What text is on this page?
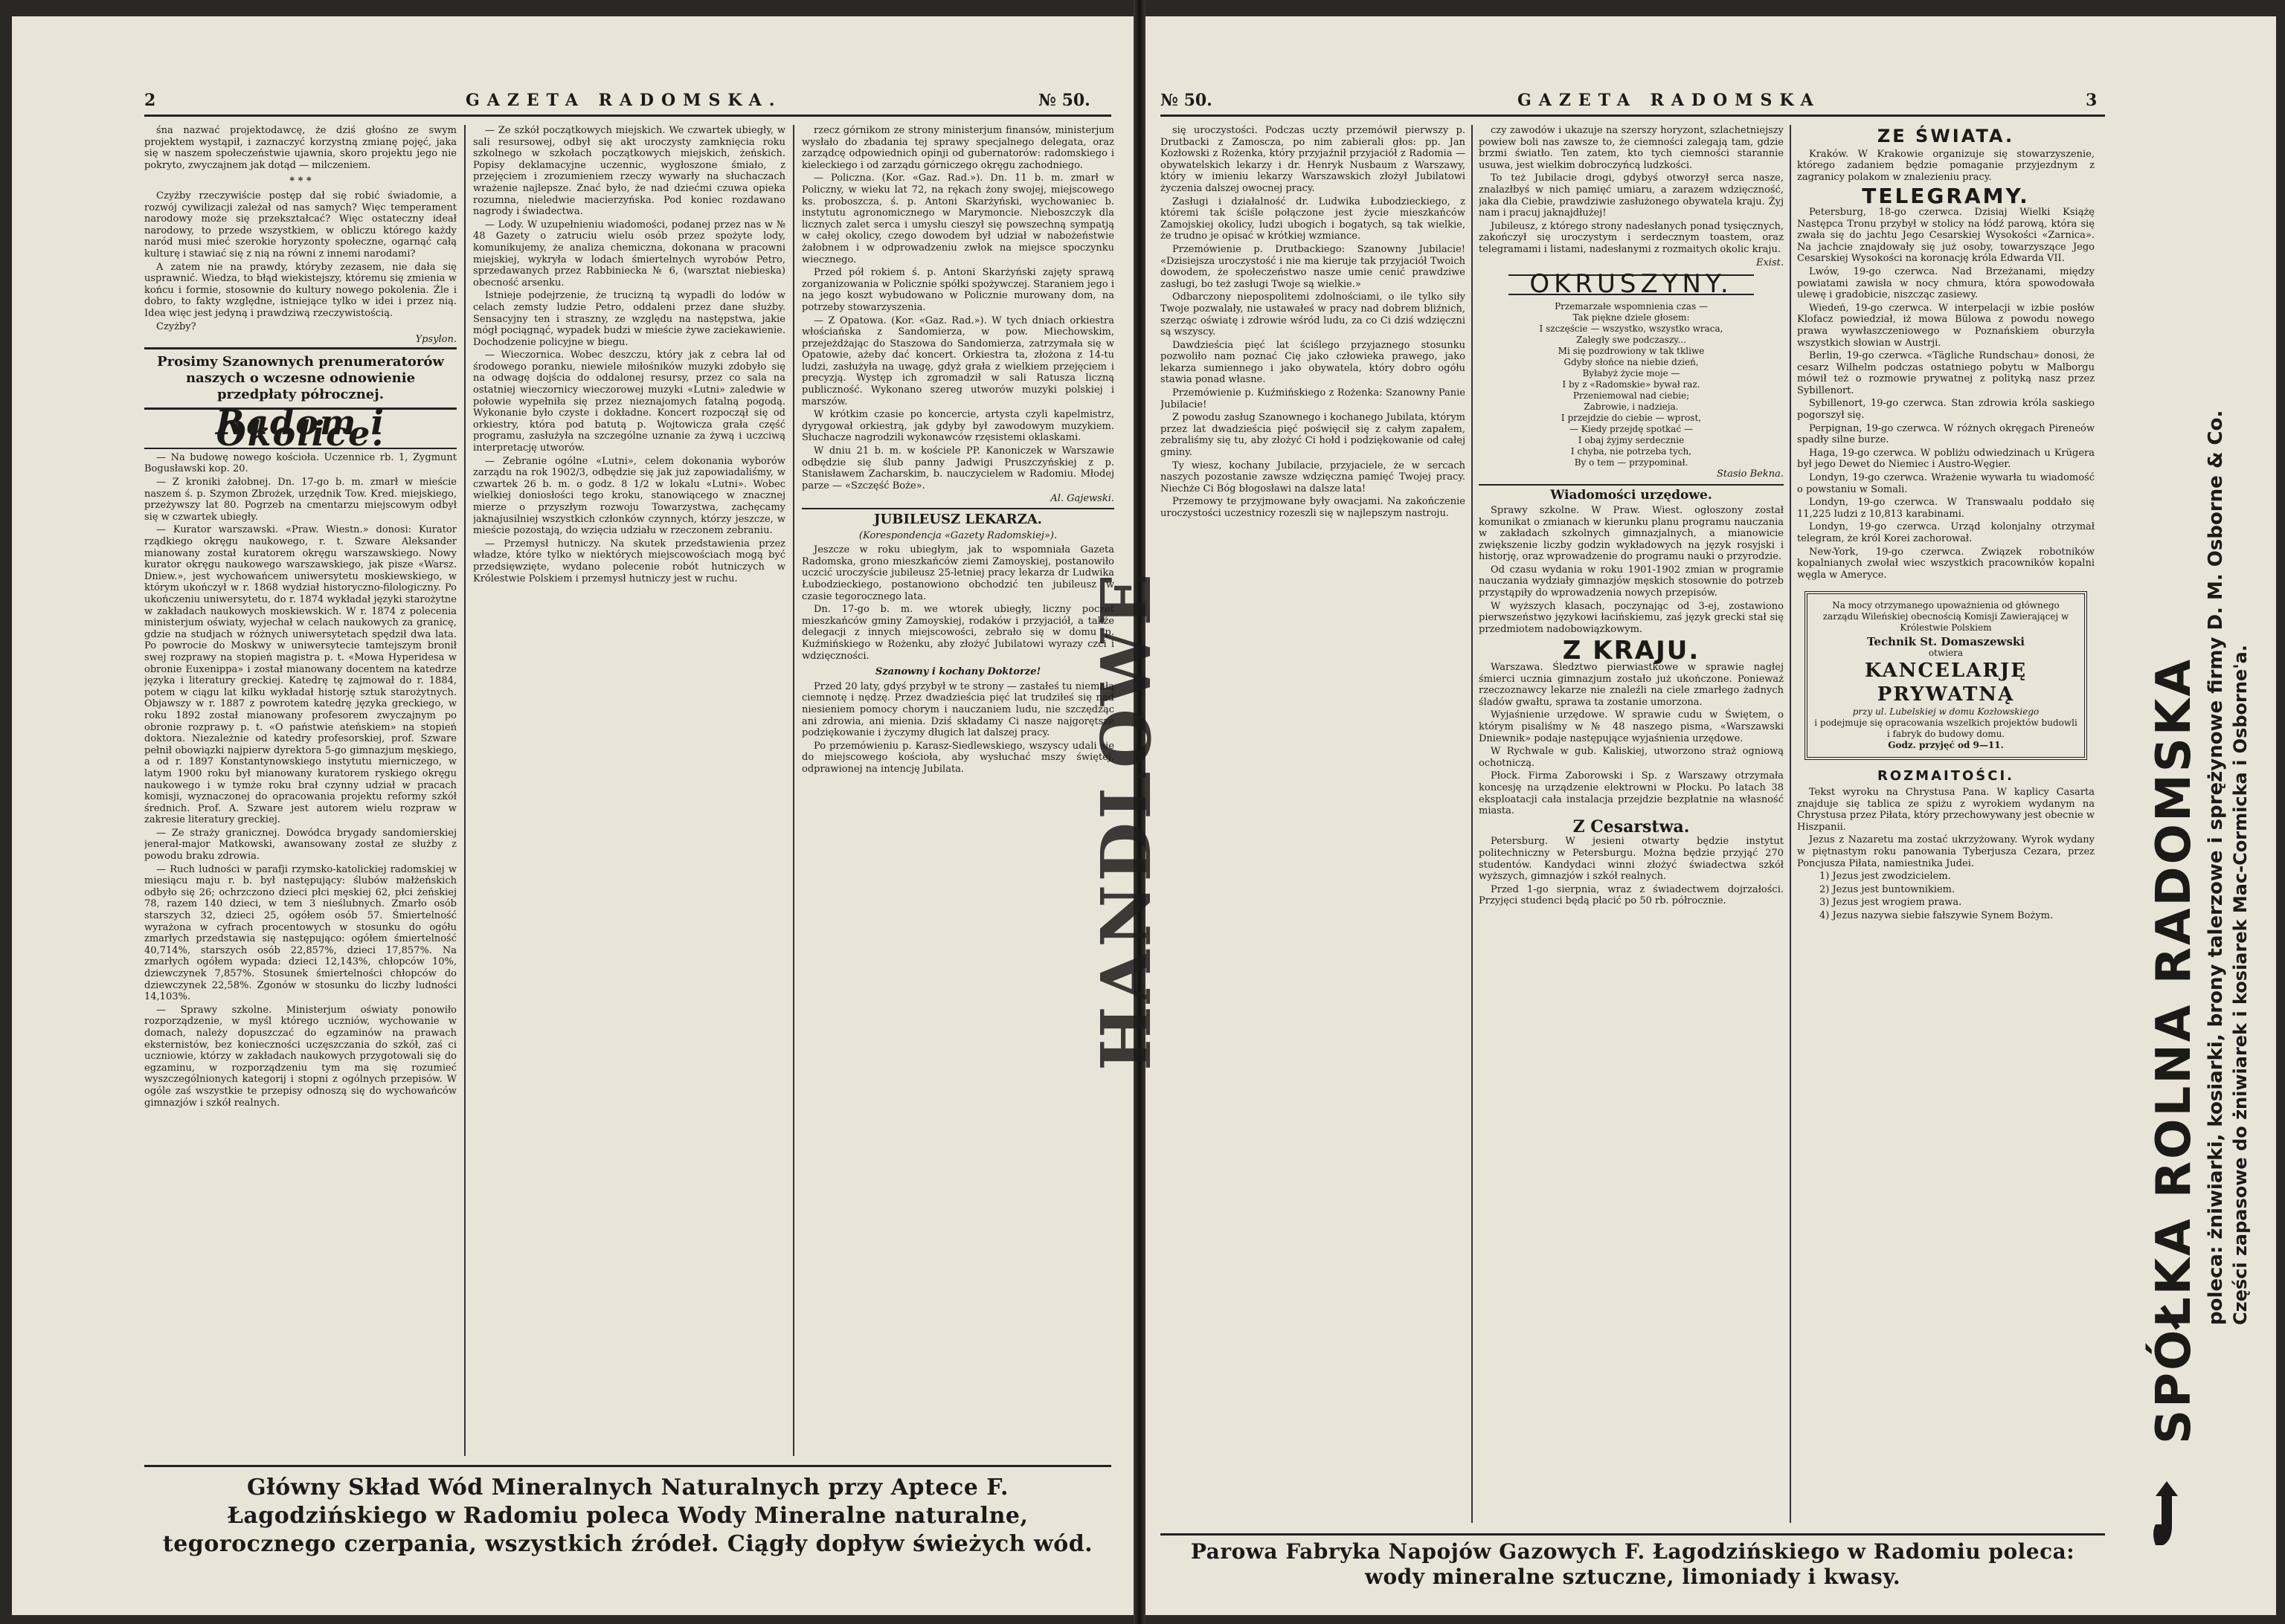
2	GAZETA RADOMSKA.	№ 50.

śna nazwać projektodawcę, że dziś głośno ze swym projektem wystąpił, i zaznaczyć korzystną zmianę pojęć, jaka się w naszem społeczeństwie ujawnia, skoro projektu jego nie pokryto, zwyczajnem jak dotąd — milczeniem.

* * *

Czyżby rzeczywiście postęp dał się robić świadomie, a rozwój cywilizacji zależał od nas samych? Więc temperament narodowy może się przekształcać? Więc ostateczny ideał narodowy, to przede wszystkiem, w obliczu którego każdy naród musi mieć szerokie horyzonty społeczne, ogarnąć całą kulturę i stawiać się z nią na równi z innemi narodami?

A zatem nie na prawdy, któryby zezasem, nie dała się usprawnić. Wiedza, to błąd wiekistejszy, któremu się zmienia w końcu i formie, stosownie do kultury nowego pokolenia. Źle i dobro, to fakty względne, istniejące tylko w idei i przez nią. Idea więc jest jedyną i prawdziwą rzeczywistością.

Czyżby?

Ypsylon.

Prosimy Szanownych prenumeratorów naszych o wczesne odnowienie przedpłaty półrocznej.
Radom i Okolice.

— Na budowę nowego kościoła. Uczennice rb. 1, Zygmunt Bogusławski kop. 20.

— Z kroniki żałobnej. Dn. 17-go b. m. zmarł w mieście naszem ś. p. Szymon Zbrożek, urzędnik Tow. Kred. miejskiego, przeżywszy lat 80. Pogrzeb na cmentarzu miejscowym odbył się w czwartek ubiegły.

— Kurator warszawski. «Praw. Wiestn.» donosi: Kurator rządkiego okręgu naukowego, r. t. Szware Aleksander mianowany został kuratorem okręgu warszawskiego. Nowy kurator okręgu naukowego warszawskiego, jak pisze «Warsz. Dniew.», jest wychowańcem uniwersytetu moskiewskiego, w którym ukończył w r. 1868 wydział historyczno-filologiczny. Po ukończeniu uniwersytetu, do r. 1874 wykładał języki starożytne w zakładach naukowych moskiewskich. W r. 1874 z polecenia ministerjum oświaty, wyjechał w celach naukowych za granicę, gdzie na studjach w różnych uniwersytetach spędził dwa lata. Po powrocie do Moskwy w uniwersytecie tamtejszym bronił swej rozprawy na stopień magistra p. t. «Mowa Hyperidesa w obronie Euxenippa» i został mianowany docentem na katedrze języka i literatury greckiej. Katedrę tę zajmował do r. 1884, potem w ciągu lat kilku wykładał historję sztuk starożytnych. Objawszy w r. 1887 z powrotem katedrę języka greckiego, w roku 1892 został mianowany profesorem zwyczajnym po obronie rozprawy p. t. «O państwie ateńskiem» na stopień doktora. Niezależnie od katedry profesorskiej, prof. Szware pełnił obowiązki najpierw dyrektora 5-go gimnazjum męskiego, a od r. 1897 Konstantynowskiego instytutu mierniczego, w latym 1900 roku był mianowany kuratorem ryskiego okręgu naukowego i w tymże roku brał czynny udział w pracach komisji, wyznaczonej do opracowania projektu reformy szkół średnich. Prof. A. Szware jest autorem wielu rozpraw w zakresie literatury greckiej.

— Ze straży granicznej. Dowódca brygady sandomierskiej jenerał-major Matkowski, awansowany został ze służby z powodu braku zdrowia.

— Ruch ludności w parafji rzymsko-katolickiej radomskiej w miesiącu maju r. b. był następujący: ślubów małżeńskich odbyło się 26; ochrzczono dzieci płci męskiej 62, płci żeńskiej 78, razem 140 dzieci, w tem 3 nieślubnych. Zmarło osób starszych 32, dzieci 25, ogółem osób 57. Śmiertelność wyrażona w cyfrach procentowych w stosunku do ogółu zmarłych przedstawia się następująco: ogółem śmiertelność 40,714%, starszych osób 22,857%, dzieci 17,857%. Na zmarłych ogółem wypada: dzieci 12,143%, chłopców 10%, dziewczynek 7,857%. Stosunek śmiertelności chłopców do dziewczynek 22,58%. Zgonów w stosunku do liczby ludności 14,103%.

— Sprawy szkolne. Ministerjum oświaty ponowiło rozporządzenie, w myśl którego uczniów, wychowanie w domach, należy dopuszczać do egzaminów na prawach eksternistów, bez konieczności uczęszczania do szkół, zaś ci uczniowie, którzy w zakładach naukowych przygotowali się do egzaminu, w rozporządzeniu tym ma się rozumieć wyszczególnionych kategorij i stopni z ogólnych przepisów. W ogóle zaś wszystkie te przepisy odnoszą się do wychowańców gimnazjów i szkół realnych.

— Ze szkół początkowych miejskich. We czwartek ubiegły, w sali resursowej, odbył się akt uroczysty zamknięcia roku szkolnego w szkołach początkowych miejskich, żeńskich. Popisy deklamacyjne uczennic, wygłoszone śmiało, z przejęciem i zrozumieniem rzeczy wywarły na słuchaczach wrażenie najlepsze. Znać było, że nad dziećmi czuwa opieka rozumna, nieledwie macierzyńska. Pod koniec rozdawano nagrody i świadectwa.

— Lody. W uzupełnieniu wiadomości, podanej przez nas w № 48 Gazety o zatruciu wielu osób przez spożyte lody, komunikujemy, że analiza chemiczna, dokonana w pracowni miejskiej, wykryła w lodach śmiertelnych wyrobów Petro, sprzedawanych przez Rabbiniecka № 6, (warsztat niebieska) obecność arsenku.

Istnieje podejrzenie, że trucizną tą wypadli do lodów w celach zemsty ludzie Petro, oddaleni przez dane służby. Sensacyjny ten i straszny, ze względu na następstwa, jakie mógł pociągnąć, wypadek budzi w mieście żywe zaciekawienie. Dochodzenie policyjne w biegu.

— Wieczornica. Wobec deszczu, który jak z cebra lał od środowego poranku, niewiele miłośników muzyki zdobyło się na odwagę dojścia do oddalonej resursy, przez co sala na ostatniej wieczornicy wieczorowej muzyki «Lutni» zaledwie w połowie wypełniła się przez nieznajomych fatalną pogodą. Wykonanie było czyste i dokładne. Koncert rozpoczął się od orkiestry, która pod batutą p. Wojtowicza grała część programu, zasłużyła na szczególne uznanie za żywą i uczciwą interpretację utworów.

— Zebranie ogólne «Lutni», celem dokonania wyborów zarządu na rok 1902/3, odbędzie się jak już zapowiadaliśmy, w czwartek 26 b. m. o godz. 8 1/2 w lokalu «Lutni». Wobec wielkiej doniosłości tego kroku, stanowiącego w znacznej mierze o przyszłym rozwoju Towarzystwa, zachęcamy jaknajusilniej wszystkich członków czynnych, którzy jeszcze, w mieście pozostają, do wzięcia udziału w rzeczonem zebraniu.

— Przemysł hutniczy. Na skutek przedstawienia przez władze, które tylko w niektórych miejscowościach mogą być przedsięwzięte, wydano polecenie robót hutniczych w Królestwie Polskiem i przemysł hutniczy jest w ruchu.

rzecz górnikom ze strony ministerjum finansów, ministerjum wysłało do zbadania tej sprawy specjalnego delegata, oraz zarządcę odpowiednich opinji od gubernatorów: radomskiego i kieleckiego i od zarządu górniczego okręgu zachodniego.

— Policzna. (Kor. «Gaz. Rad.»). Dn. 11 b. m. zmarł w Policzny, w wieku lat 72, na rękach żony swojej, miejscowego ks. proboszcza, ś. p. Antoni Skarżyński, wychowaniec b. instytutu agronomicznego w Marymoncie. Nieboszczyk dla licznych zalet serca i umysłu cieszył się powszechną sympatją w całej okolicy, czego dowodem był udział w nabożeństwie żałobnem i w odprowadzeniu zwłok na miejsce spoczynku wiecznego.

Przed pół rokiem ś. p. Antoni Skarżyński zajęty sprawą zorganizowania w Policznie spółki spożywczej. Staraniem jego i na jego koszt wybudowano w Policznie murowany dom, na potrzeby stowarzyszenia.

— Z Opatowa. (Kor. «Gaz. Rad.»). W tych dniach orkiestra włościańska z Sandomierza, w pow. Miechowskim, przejeżdżając do Staszowa do Sandomierza, zatrzymała się w Opatowie, ażeby dać koncert. Orkiestra ta, złożona z 14-tu ludzi, zasłużyła na uwagę, gdyż grała z wielkiem przejęciem i precyzją. Występ ich zgromadził w sali Ratusza liczną publiczność. Wykonano szereg utworów muzyki polskiej i marszów.

W krótkim czasie po koncercie, artysta czyli kapelmistrz, dyrygował orkiestrą, jak gdyby był zawodowym muzykiem. Słuchacze nagrodzili wykonawców rzęsistemi oklaskami.

W dniu 21 b. m. w kościele PP. Kanoniczek w Warszawie odbędzie się ślub panny Jadwigi Pruszczyńskiej z p. Stanisławem Zacharskim, b. nauczycielem w Radomiu. Młodej parze — «Szczęść Boże».

Al. Gajewski.

JUBILEUSZ LEKARZA.

(Korespondencja «Gazety Radomskiej»).

Jeszcze w roku ubiegłym, jak to wspomniała Gazeta Radomska, grono mieszkańców ziemi Zamoyskiej, postanowiło uczcić uroczyście jubileusz 25-letniej pracy lekarza dr Ludwika Łubodzieckiego, postanowiono obchodzić ten jubileusz w czasie tegorocznego lata.

Dn. 17-go b. m. we wtorek ubiegły, liczny poczet mieszkańców gminy Zamoyskiej, rodaków i przyjaciół, a także delegacji z innych miejscowości, zebrało się w domu p. Kuźmińskiego w Rożenku, aby złożyć Jubilatowi wyrazy czci i wdzięczności.

Szanowny i kochany Doktorze!

Przed 20 laty, gdyś przybył w te strony — zastałeś tu niemałą ciemnotę i nędzę. Przez dwadzieścia pięć lat trudziłeś się nad niesieniem pomocy chorym i nauczaniem ludu, nie szczędząc ani zdrowia, ani mienia. Dziś składamy Ci nasze najgorętsze podziękowanie i życzymy długich lat dalszej pracy.

Po przemówieniu p. Karasz-Siedlewskiego, wszyscy udali się do miejscowego kościoła, aby wysłuchać mszy świętej, odprawionej na intencję Jubilata.

Główny Skład Wód Mineralnych Naturalnych przy Aptece F. Łagodzińskiego w Radomiu poleca Wody Mineralne naturalne, tegorocznego czerpania, wszystkich źródeł. Ciągły dopływ świeżych wód.
№ 50.	GAZETA RADOMSKA	3

się uroczystości. Podczas uczty przemówił pierwszy p. Drutbacki z Zamoscza, po nim zabierali głos: pp. Jan Kozłowski z Rożenka, który przyjaźnił przyjaciół z Radomia — obywatelskich lekarzy i dr. Henryk Nusbaum z Warszawy, który w imieniu lekarzy Warszawskich złożył Jubilatowi życzenia dalszej owocnej pracy.

Zasługi i działalność dr. Ludwika Łubodzieckiego, z któremi tak ściśle połączone jest życie mieszkańców Zamojskiej okolicy, ludzi ubogich i bogatych, są tak wielkie, że trudno je opisać w krótkiej wzmiance.

Przemówienie p. Drutbackiego: Szanowny Jubilacie! «Dzisiejsza uroczystość i nie ma kieruje tak przyjaciół Twoich dowodem, że społeczeństwo nasze umie cenić prawdziwe zasługi, bo też zasługi Twoje są wielkie.»

Odbarczony niepospolitemi zdolnościami, o ile tylko siły Twoje pozwalały, nie ustawałeś w pracy nad dobrem bliźnich, szerząc oświatę i zdrowie wśród ludu, za co Ci dziś wdzięczni są wszyscy.

Dawdzieścia pięć lat ściślego przyjaznego stosunku pozwoliło nam poznać Cię jako człowieka prawego, jako lekarza sumiennego i jako obywatela, który dobro ogółu stawia ponad własne.

Przemówienie p. Kuźmińskiego z Rożenka: Szanowny Panie Jubilacie!

Z powodu zasług Szanownego i kochanego Jubilata, którym przez lat dwadzieścia pięć poświęcił się z całym zapałem, zebraliśmy się tu, aby złożyć Ci hołd i podziękowanie od całej gminy.

Ty wiesz, kochany Jubilacie, przyjaciele, że w sercach naszych pozostanie zawsze wdzięczna pamięć Twojej pracy. Niechże Ci Bóg błogosławi na dalsze lata!

Przemowy te przyjmowane były owacjami. Na zakończenie uroczystości uczestnicy rozeszli się w najlepszym nastroju.

czy zawodów i ukazuje na szerszy horyzont, szlachetniejszy powiew boli nas zawsze to, że ciemności zalegają tam, gdzie brzmi światło. Ten zatem, kto tych ciemności starannie usuwa, jest wielkim dobroczyńcą ludzkości.

To też Jubilacie drogi, gdybyś otworzył serca nasze, znalazłbyś w nich pamięć umiaru, a zarazem wdzięczność, jaka dla Ciebie, prawdziwie zasłużonego obywatela kraju. Żyj nam i pracuj jaknajdłużej!

Jubileusz, z którego strony nadesłanych ponad tysięcznych, zakończył się uroczystym i serdecznym toastem, oraz telegramami i listami, nadesłanymi z rozmaitych okolic kraju.

Exist.

OKRUSZYNY.
Przemarzałe wspomnienia czas —
Tak piękne dziele głosem:
I szczęście — wszystko, wszystko wraca,
Zaległy swe podczaszy...
Mi się pozdrowiony w tak tkliwe
Gdyby słońce na niebie dzień,
Byłabyż życie moje —
I by z «Radomskie» bywał raz.
Przeniemowal nad ciebie;
Zabrowie, i nadzieja.
I przejdzie do ciebie — wprost,
— Kiedy przejdę spotkać —
I obaj żyjmy serdecznie
I chyba, nie potrzeba tych,
By o tem — przypominał.

Stasio Bekna.

Wiadomości urzędowe.

Sprawy szkolne. W Praw. Wiest. ogłoszony został komunikat o zmianach w kierunku planu programu nauczania w zakładach szkolnych gimnazjalnych, a mianowicie zwiększenie liczby godzin wykładowych na język rosyjski i historję, oraz wprowadzenie do programu nauki o przyrodzie.

Od czasu wydania w roku 1901-1902 zmian w programie nauczania wydziały gimnazjów męskich stosownie do potrzeb przystąpiły do wprowadzenia nowych przepisów.

W wyższych klasach, poczynając od 3-ej, zostawiono pierwszeństwo językowi łacińskiemu, zaś język grecki stał się przedmiotem nadobowiązkowym.

Z KRAJU.

Warszawa. Śledztwo pierwiastkowe w sprawie nagłej śmierci ucznia gimnazjum zostało już ukończone. Ponieważ rzeczoznawcy lekarze nie znaleźli na ciele zmarłego żadnych śladów gwałtu, sprawa ta zostanie umorzona.

Wyjaśnienie urzędowe. W sprawie cudu w Świętem, o którym pisaliśmy w № 48 naszego pisma, «Warszawski Dniewnik» podaje następujące wyjaśnienia urzędowe.

W Rychwale w gub. Kaliskiej, utworzono straż ogniową ochotniczą.

Płock. Firma Zaborowski i Sp. z Warszawy otrzymała koncesję na urządzenie elektrowni w Płocku. Po latach 38 eksploatacji cała instalacja przejdzie bezpłatnie na własność miasta.

Z Cesarstwa.

Petersburg. W jesieni otwarty będzie instytut politechniczny w Petersburgu. Można będzie przyjąć 270 studentów. Kandydaci winni złożyć świadectwa szkół wyższych, gimnazjów i szkół realnych.

Przed 1-go sierpnia, wraz z świadectwem dojrzałości. Przyjęci studenci będą płacić po 50 rb. półrocznie.

ZE ŚWIATA.

Kraków. W Krakowie organizuje się stowarzyszenie, którego zadaniem będzie pomaganie przyjezdnym z zagranicy polakom w znalezieniu pracy.

TELEGRAMY.

Petersburg, 18-go czerwca. Dzisiaj Wielki Książę Następca Tronu przybył w stolicy na łódź parową, która się zwała się do jachtu Jego Cesarskiej Wysokości «Zarnica». Na jachcie znajdowały się już osoby, towarzyszące Jego Cesarskiej Wysokości na koronację króla Edwarda VII.

Lwów, 19-go czerwca. Nad Brzeżanami, między powiatami zawisła w nocy chmura, która spowodowała ulewę i gradobicie, niszcząc zasiewy.

Wiedeń, 19-go czerwca. W interpelacji w izbie posłów Klofacz powiedział, iż mowa Bülowa z powodu nowego prawa wywłaszczeniowego w Poznańskiem oburzyła wszystkich słowian w Austrji.

Berlin, 19-go czerwca. «Tägliche Rundschau» donosi, że cesarz Wilhelm podczas ostatniego pobytu w Malborgu mówił też o rozmowie prywatnej z polityką nasz przez Sybillenort.

Sybillenort, 19-go czerwca. Stan zdrowia króla saskiego pogorszył się.

Perpignan, 19-go czerwca. W różnych okręgach Pireneów spadły silne burze.

Haga, 19-go czerwca. W pobliżu odwiedzinach u Krügera był jego Dewet do Niemiec i Austro-Węgier.

Londyn, 19-go czerwca. Wrażenie wywarła tu wiadomość o powstaniu w Somali.

Londyn, 19-go czerwca. W Transwaalu poddało się 11,225 ludzi z 10,813 karabinami.

Londyn, 19-go czerwca. Urząd kolonjalny otrzymał telegram, że król Korei zachorował.

New-York, 19-go czerwca. Związek robotników kopalnianych zwołał wiec wszystkich pracowników kopalni węgla w Ameryce.

Na mocy otrzymanego upoważnienia od głównego zarządu Wileńskiej obecnością Komisji Zawierającej w Królestwie Polskiem
Technik St. Domaszewski
otwiera
KANCELARJĘ PRYWATNĄ
przy ul. Lubelskiej w domu Kozłowskiego
i podejmuje się opracowania wszelkich projektów budowli i fabryk do budowy domu.
Godz. przyjęć od 9—11.
ROZMAITOŚCI.

Tekst wyroku na Chrystusa Pana. W kaplicy Casarta znajduje się tablica ze spiżu z wyrokiem wydanym na Chrystusa przez Piłata, który przechowywany jest obecnie w Hiszpanii.

Jezus z Nazaretu ma zostać ukrzyżowany. Wyrok wydany w piętnastym roku panowania Tyberjusza Cezara, przez Poncjusza Piłata, namiestnika Judei.

1) Jezus jest zwodzicielem.

2) Jezus jest buntownikiem.

3) Jezus jest wrogiem prawa.

4) Jezus nazywa siebie fałszywie Synem Bożym.	SPÓŁKA ROLNA RADOMSKA poleca: żniwiarki, kosiarki, brony talerzowe i sprężynowe firmy D. M. Osborne & Co. Części zapasowe do żniwiarek i kosiarek Mac-Cormicka i Osborne'a.
Parowa Fabryka Napojów Gazowych F. Łagodzińskiego w Radomiu poleca: wody mineralne sztuczne, limoniady i kwasy.
HANDLOWE
